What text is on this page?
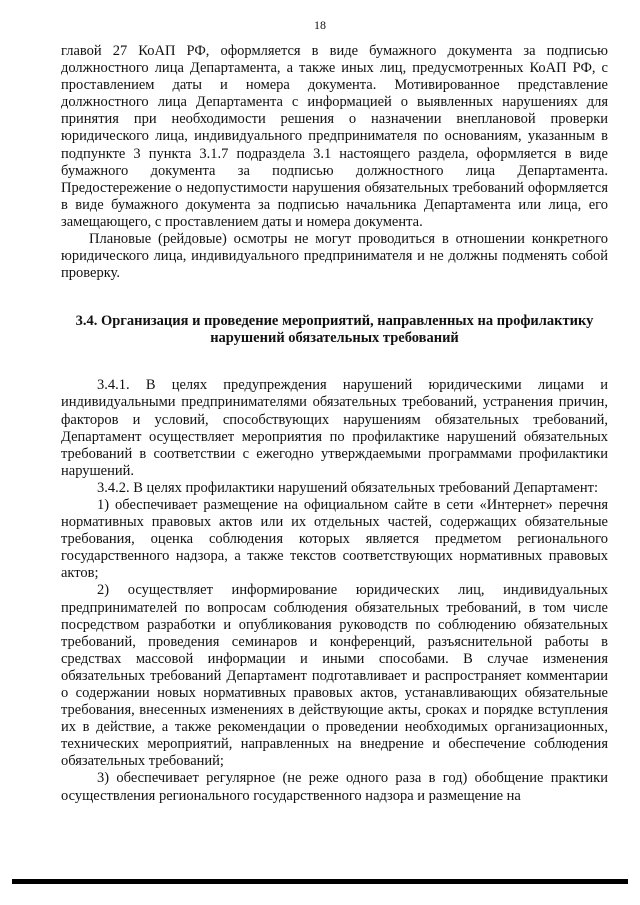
18

главой 27 КоАП РФ, оформляется в виде бумажного документа за подписью должностного лица Департамента, а также иных лиц, предусмотренных КоАП РФ, с проставлением даты и номера документа. Мотивированное представление должностного лица Департамента с информацией о выявленных нарушениях для принятия при необходимости решения о назначении внеплановой проверки юридического лица, индивидуального предпринимателя по основаниям, указанным в подпункте 3 пункта 3.1.7 подраздела 3.1 настоящего раздела, оформляется в виде бумажного документа за подписью должностного лица Департамента. Предостережение о недопустимости нарушения обязательных требований оформляется в виде бумажного документа за подписью начальника Департамента или лица, его замещающего, с проставлением даты и номера документа.

Плановые (рейдовые) осмотры не могут проводиться в отношении конкретного юридического лица, индивидуального предпринимателя и не должны подменять собой проверку.

3.4. Организация и проведение мероприятий, направленных на профилактику нарушений обязательных требований

3.4.1. В целях предупреждения нарушений юридическими лицами и индивидуальными предпринимателями обязательных требований, устранения причин, факторов и условий, способствующих нарушениям обязательных требований, Департамент осуществляет мероприятия по профилактике нарушений обязательных требований в соответствии с ежегодно утверждаемыми программами профилактики нарушений.

3.4.2. В целях профилактики нарушений обязательных требований Департамент:

1) обеспечивает размещение на официальном сайте в сети «Интернет» перечня нормативных правовых актов или их отдельных частей, содержащих обязательные требования, оценка соблюдения которых является предметом регионального государственного надзора, а также текстов соответствующих нормативных правовых актов;

2) осуществляет информирование юридических лиц, индивидуальных предпринимателей по вопросам соблюдения обязательных требований, в том числе посредством разработки и опубликования руководств по соблюдению обязательных требований, проведения семинаров и конференций, разъяснительной работы в средствах массовой информации и иными способами. В случае изменения обязательных требований Департамент подготавливает и распространяет комментарии о содержании новых нормативных правовых актов, устанавливающих обязательные требования, внесенных изменениях в действующие акты, сроках и порядке вступления их в действие, а также рекомендации о проведении необходимых организационных, технических мероприятий, направленных на внедрение и обеспечение соблюдения обязательных требований;

3) обеспечивает регулярное (не реже одного раза в год) обобщение практики осуществления регионального государственного надзора и размещение на
